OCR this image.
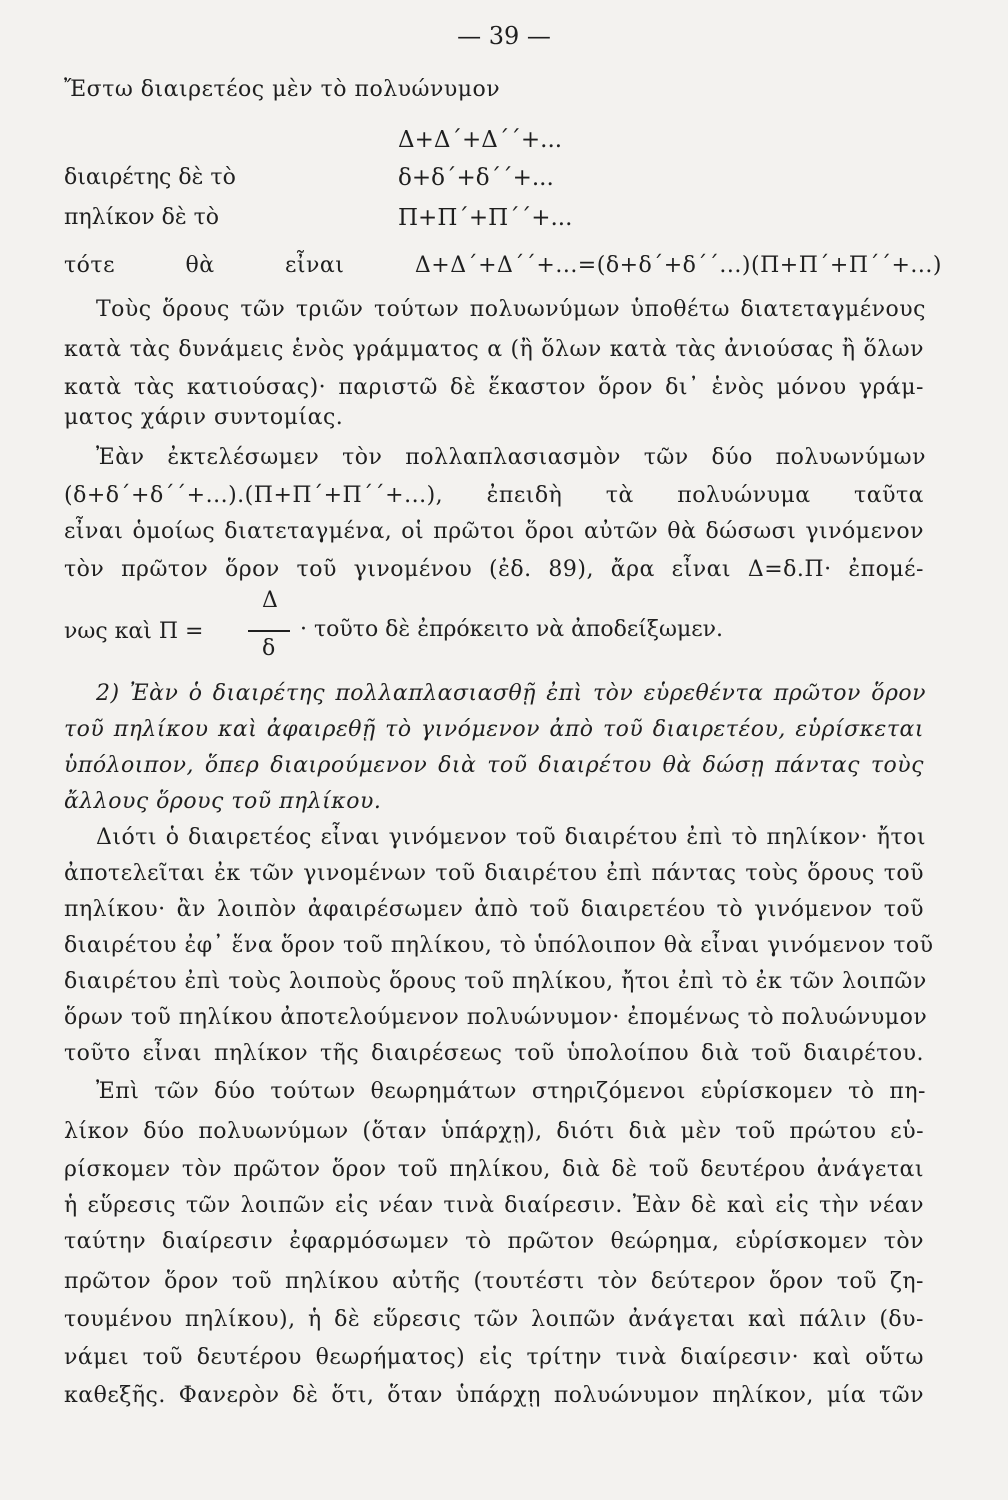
— 39 —
Ἔστω διαιρετέος μὲν τὸ πολυώνυμον
Δ+Δ΄+Δ΄΄+...
διαιρέτης δὲ τὸ	δ+δ΄+δ΄΄+...
πηλίκον δὲ τὸ	Π+Π΄+Π΄΄+...
τότε θὰ εἶναι Δ+Δ΄+Δ΄΄+...=(δ+δ΄+δ΄΄...)(Π+Π΄+Π΄΄+...)
Τοὺς ὅρους τῶν τριῶν τούτων πολυωνύμων ὑποθέτω διατεταγμένους
κατὰ τὰς δυνάμεις ἑνὸς γράμματος α (ἢ ὅλων κατὰ τὰς ἀνιούσας ἢ ὅλων
κατὰ τὰς κατιούσας)· παριστῶ δὲ ἕκαστον ὅρον δι᾽ ἑνὸς μόνου γράμ-
ματος χάριν συντομίας.
Ἐὰν ἐκτελέσωμεν τὸν πολλαπλασιασμὸν τῶν δύο πολυωνύμων
(δ+δ΄+δ΄΄+...).(Π+Π΄+Π΄΄+...), ἐπειδὴ τὰ πολυώνυμα ταῦτα
εἶναι ὁμοίως διατεταγμένα, οἱ πρῶτοι ὅροι αὐτῶν θὰ δώσωσι γινόμενον
τὸν πρῶτον ὅρον τοῦ γινομένου (ἐδ. 89), ἄρα εἶναι Δ=δ.Π· ἐπομέ-
νως καὶ Π =
Δ
δ
· τοῦτο δὲ ἐπρόκειτο νὰ ἀποδείξωμεν.
2) Ἐὰν ὁ διαιρέτης πολλαπλασιασθῇ ἐπὶ τὸν εὑρεθέντα πρῶτον ὅρον
τοῦ πηλίκου καὶ ἀφαιρεθῇ τὸ γινόμενον ἀπὸ τοῦ διαιρετέου, εὑρίσκεται
ὑπόλοιπον, ὅπερ διαιρούμενον διὰ τοῦ διαιρέτου θὰ δώσῃ πάντας τοὺς
ἄλλους ὅρους τοῦ πηλίκου.
Διότι ὁ διαιρετέος εἶναι γινόμενον τοῦ διαιρέτου ἐπὶ τὸ πηλίκον· ἤτοι
ἀποτελεῖται ἐκ τῶν γινομένων τοῦ διαιρέτου ἐπὶ πάντας τοὺς ὅρους τοῦ
πηλίκου· ἂν λοιπὸν ἀφαιρέσωμεν ἀπὸ τοῦ διαιρετέου τὸ γινόμενον τοῦ
διαιρέτου ἐφ᾽ ἕνα ὅρον τοῦ πηλίκου, τὸ ὑπόλοιπον θὰ εἶναι γινόμενον τοῦ
διαιρέτου ἐπὶ τοὺς λοιποὺς ὅρους τοῦ πηλίκου, ἤτοι ἐπὶ τὸ ἐκ τῶν λοιπῶν
ὅρων τοῦ πηλίκου ἀποτελούμενον πολυώνυμον· ἐπομένως τὸ πολυώνυμον
τοῦτο εἶναι πηλίκον τῆς διαιρέσεως τοῦ ὑπολοίπου διὰ τοῦ διαιρέτου.
Ἐπὶ τῶν δύο τούτων θεωρημάτων στηριζόμενοι εὑρίσκομεν τὸ πη-
λίκον δύο πολυωνύμων (ὅταν ὑπάρχῃ), διότι διὰ μὲν τοῦ πρώτου εὑ-
ρίσκομεν τὸν πρῶτον ὅρον τοῦ πηλίκου, διὰ δὲ τοῦ δευτέρου ἀνάγεται
ἡ εὕρεσις τῶν λοιπῶν εἰς νέαν τινὰ διαίρεσιν. Ἐὰν δὲ καὶ εἰς τὴν νέαν
ταύτην διαίρεσιν ἐφαρμόσωμεν τὸ πρῶτον θεώρημα, εὑρίσκομεν τὸν
πρῶτον ὅρον τοῦ πηλίκου αὐτῆς (τουτέστι τὸν δεύτερον ὅρον τοῦ ζη-
τουμένου πηλίκου), ἡ δὲ εὕρεσις τῶν λοιπῶν ἀνάγεται καὶ πάλιν (δυ-
νάμει τοῦ δευτέρου θεωρήματος) εἰς τρίτην τινὰ διαίρεσιν· καὶ οὕτω
καθεξῆς. Φανερὸν δὲ ὅτι, ὅταν ὑπάρχῃ πολυώνυμον πηλίκον, μία τῶν
